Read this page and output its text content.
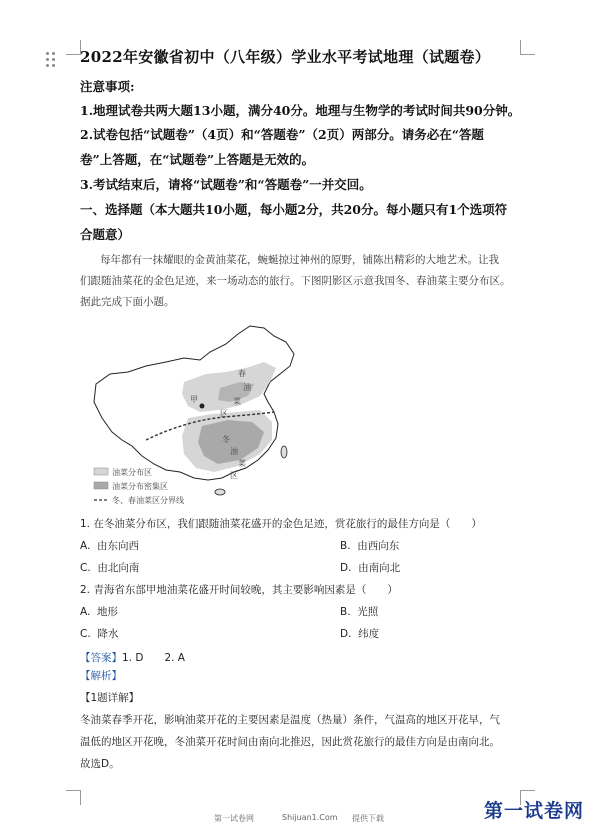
2022年安徽省初中（八年级）学业水平考试地理（试题卷）
注意事项:
1.地理试卷共两大题13小题，满分40分。地理与生物学的考试时间共90分钟。
2.试卷包括“试题卷”（4页）和“答题卷”（2页）两部分。请务必在“答题
卷”上答题，在“试题卷”上答题是无效的。
3.考试结束后，请将“试题卷”和“答题卷”一并交回。
一、选择题（本大题共10小题，每小题2分，共20分。每小题只有1个选项符
合题意）
每年都有一抹耀眼的金黄油菜花，蜿蜒掠过神州的原野，铺陈出精彩的大地艺术。让我
们跟随油菜花的金色足迹，来一场动态的旅行。下图阴影区示意我国冬、春油菜主要分布区。
据此完成下面小题。
春
油
菜
区
冬
油
菜
区
甲
油菜分布区
油菜分布密集区
冬、春油菜区分界线
1. 在冬油菜分布区，我们跟随油菜花盛开的金色足迹，赏花旅行的最佳方向是（　　）
A. 由东向西	B. 由西向东
C. 由北向南	D. 由南向北
2. 青海省东部甲地油菜花盛开时间较晚，其主要影响因素是（　　）
A. 地形	B. 光照
C. 降水	D. 纬度
【答案】1. D　　2. A
【解析】
【1题详解】
冬油菜春季开花，影响油菜开花的主要因素是温度（热量）条件，气温高的地区开花早，气
温低的地区开花晚，冬油菜开花时间由南向北推迟，因此赏花旅行的最佳方向是由南向北。
故选D。
第一试卷网	Shijuan1.Com 提供下载	第一试卷网
